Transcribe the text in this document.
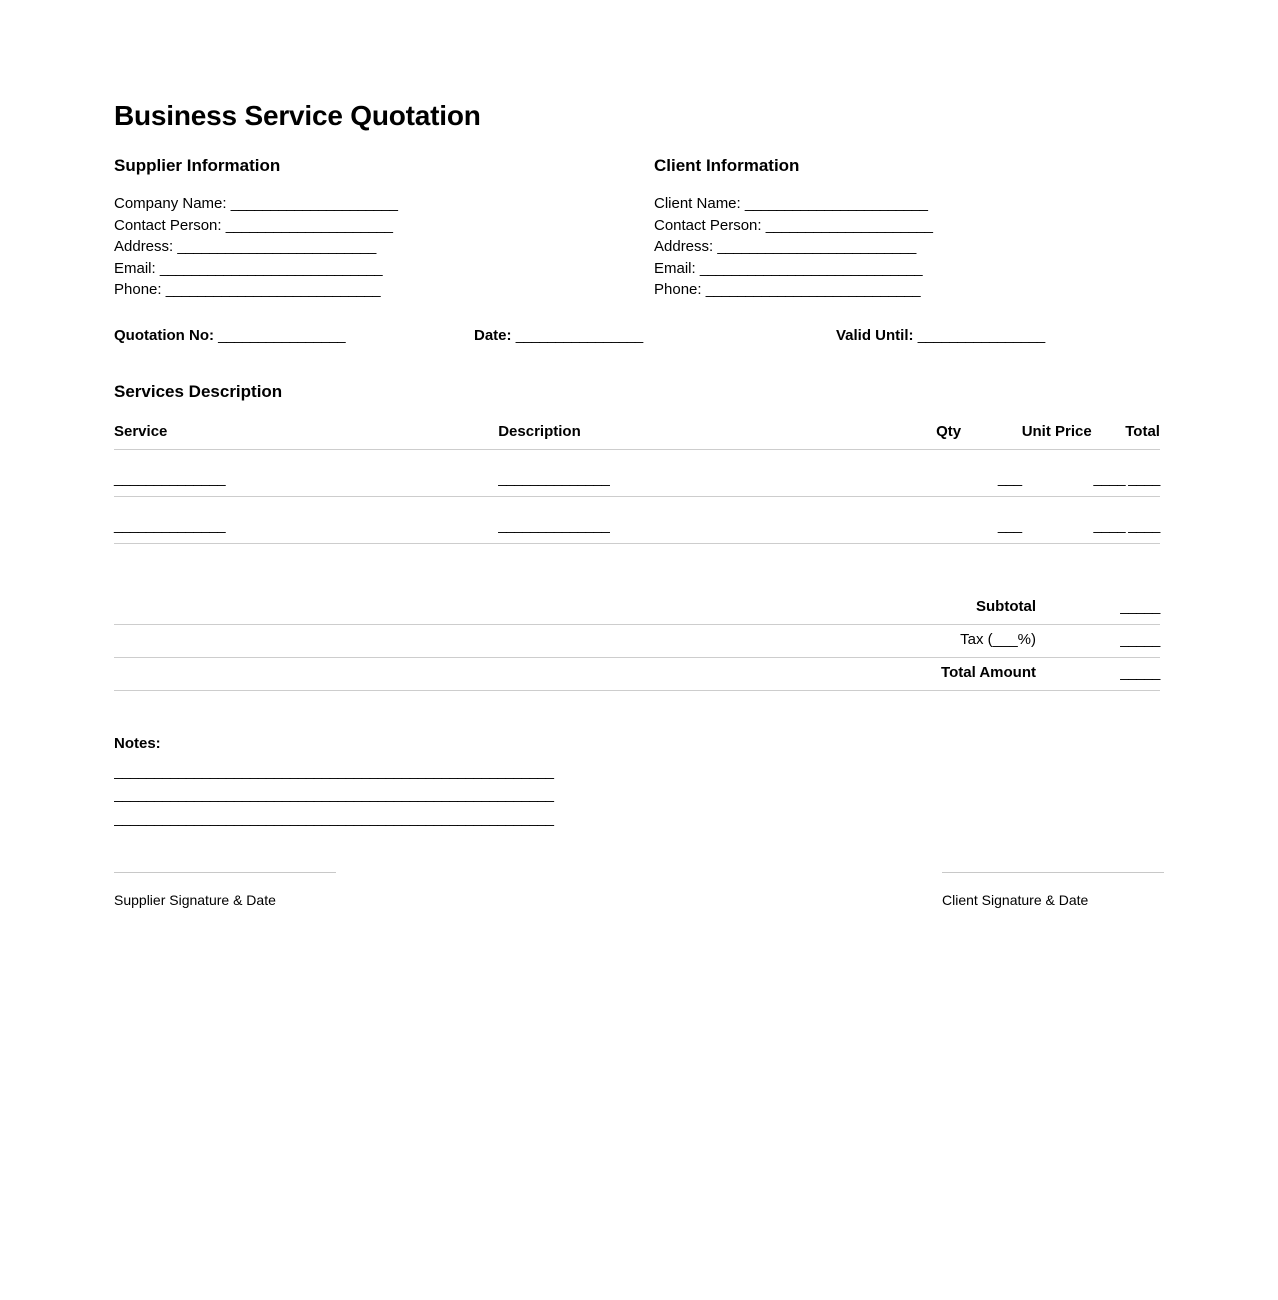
Business Service Quotation
Supplier Information
Company Name: _____________________
Contact Person: _____________________
Address: _________________________
Email: ____________________________
Phone: ___________________________
Client Information
Client Name: _______________________
Contact Person: _____________________
Address: _________________________
Email: ____________________________
Phone: ___________________________
Quotation No: ________________	Date: ________________	Valid Until: ________________
Services Description
Service	Description	Qty	Unit Price	Total
______________	______________	___	____	____
______________	______________	___	____	____
	Subtotal	_____
	Tax (___%)	_____
	Total Amount	_____
Notes:
_______________________________________________________
_______________________________________________________
_______________________________________________________
Supplier Signature & Date	Client Signature & Date
